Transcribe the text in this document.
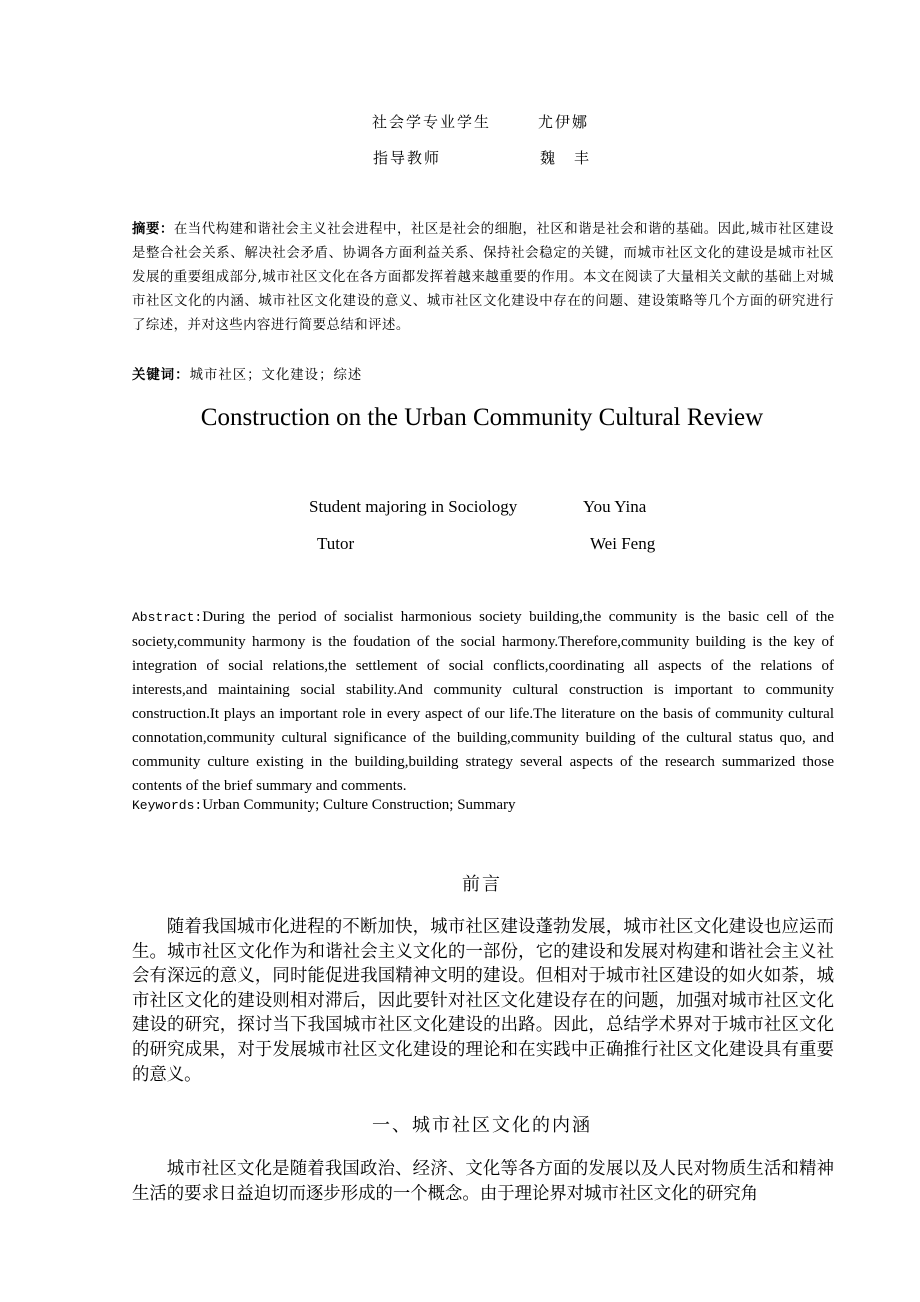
社会学专业学生	尤伊娜
指导教师	魏　丰
摘要：在当代构建和谐社会主义社会进程中，社区是社会的细胞，社区和谐是社会和谐的基础。因此,城市社区建设是整合社会关系、解决社会矛盾、协调各方面利益关系、保持社会稳定的关键，而城市社区文化的建设是城市社区发展的重要组成部分,城市社区文化在各方面都发挥着越来越重要的作用。本文在阅读了大量相关文献的基础上对城市社区文化的内涵、城市社区文化建设的意义、城市社区文化建设中存在的问题、建设策略等几个方面的研究进行了综述，并对这些内容进行简要总结和评述。
关键词：城市社区；文化建设；综述
Construction on the Urban Community Cultural Review
Student majoring in Sociology	You Yina
Tutor	Wei Feng
Abstract:During the period of socialist harmonious society building,the community is the basic cell of the society,community harmony is the foudation of the social harmony.Therefore,community building is the key of integration of social relations,the settlement of social conflicts,coordinating all aspects of the relations of interests,and maintaining social stability.And community cultural construction is important to community construction.It plays an important role in every aspect of our life.The literature on the basis of community cultural connotation,community cultural significance of the building,community building of the cultural status quo, and community culture existing in the building,building strategy several aspects of the research summarized those contents of the brief summary and comments.
Keywords:Urban Community; Culture Construction; Summary
前言
随着我国城市化进程的不断加快，城市社区建设蓬勃发展，城市社区文化建设也应运而生。城市社区文化作为和谐社会主义文化的一部份，它的建设和发展对构建和谐社会主义社会有深远的意义，同时能促进我国精神文明的建设。但相对于城市社区建设的如火如荼，城市社区文化的建设则相对滞后，因此要针对社区文化建设存在的问题，加强对城市社区文化建设的研究，探讨当下我国城市社区文化建设的出路。因此，总结学术界对于城市社区文化的研究成果，对于发展城市社区文化建设的理论和在实践中正确推行社区文化建设具有重要的意义。
一、城市社区文化的内涵
城市社区文化是随着我国政治、经济、文化等各方面的发展以及人民对物质生活和精神生活的要求日益迫切而逐步形成的一个概念。由于理论界对城市社区文化的研究角
